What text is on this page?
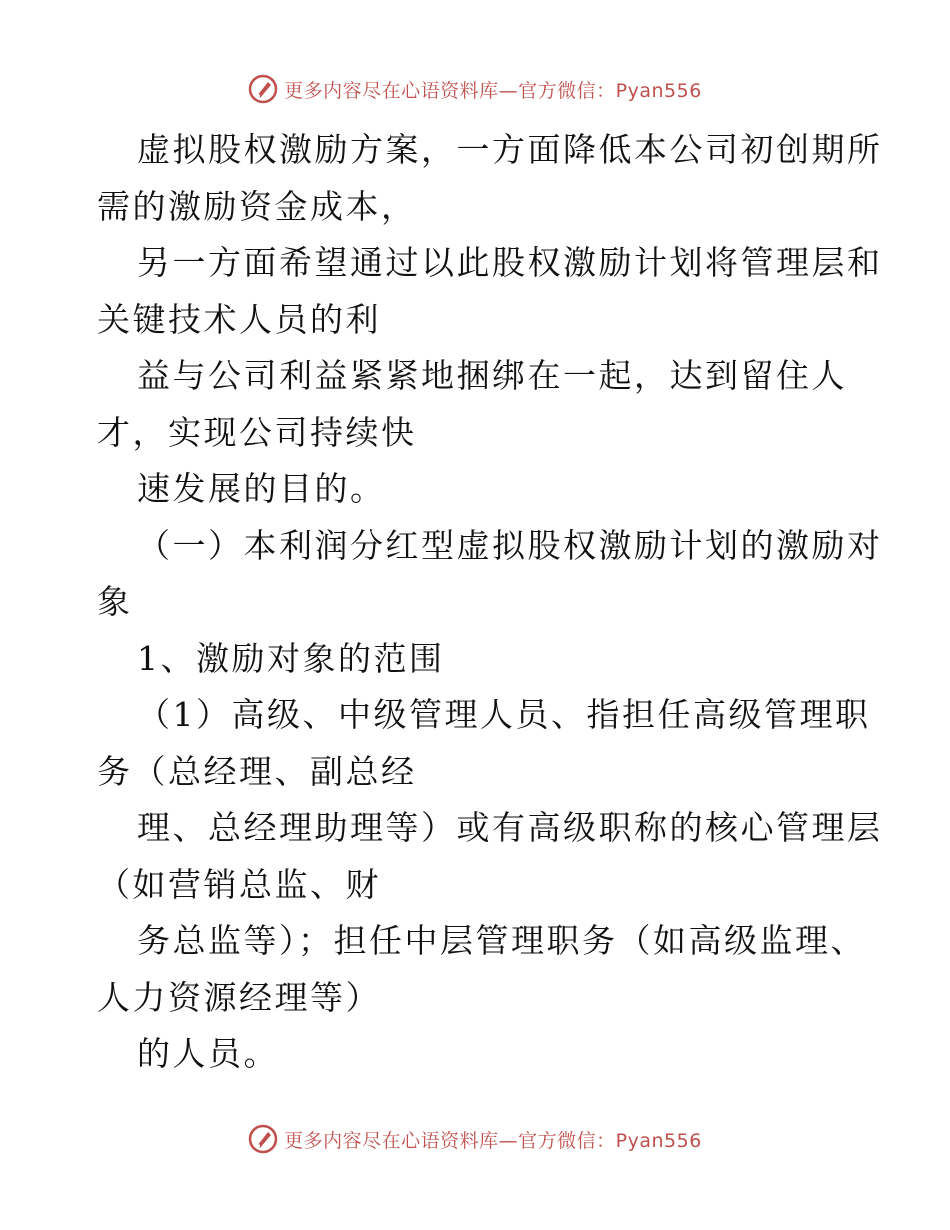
更多内容尽在心语资料库—官方微信：Pyan556
虚拟股权激励方案，一方面降低本公司初创期所
需的激励资金成本，
另一方面希望通过以此股权激励计划将管理层和
关键技术人员的利
益与公司利益紧紧地捆绑在一起，达到留住人
才，实现公司持续快
速发展的目的。
（一）本利润分红型虚拟股权激励计划的激励对
象
1、激励对象的范围
（1）高级、中级管理人员、指担任高级管理职
务（总经理、副总经
理、总经理助理等）或有高级职称的核心管理层
（如营销总监、财
务总监等）；担任中层管理职务（如高级监理、
人力资源经理等）
的人员。
更多内容尽在心语资料库—官方微信：Pyan556
